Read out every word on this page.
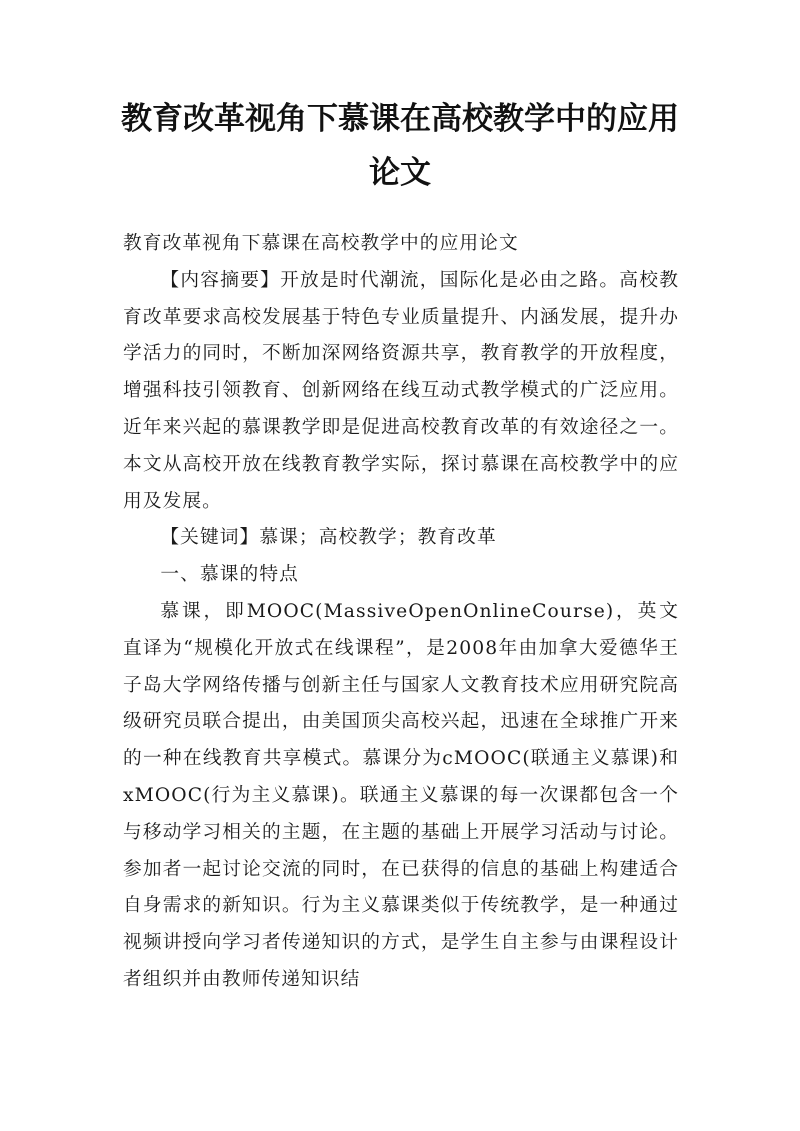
教育改革视角下慕课在高校教学中的应用论文

教育改革视角下慕课在高校教学中的应用论文

【内容摘要】开放是时代潮流，国际化是必由之路。高校教育改革要求高校发展基于特色专业质量提升、内涵发展，提升办学活力的同时，不断加深网络资源共享，教育教学的开放程度，增强科技引领教育、创新网络在线互动式教学模式的广泛应用。近年来兴起的慕课教学即是促进高校教育改革的有效途径之一。本文从高校开放在线教育教学实际，探讨慕课在高校教学中的应用及发展。

【关键词】慕课；高校教学；教育改革

一、慕课的特点

慕课，即MOOC(MassiveOpenOnlineCourse)，英文直译为“规模化开放式在线课程”，是2008年由加拿大爱德华王子岛大学网络传播与创新主任与国家人文教育技术应用研究院高级研究员联合提出，由美国顶尖高校兴起，迅速在全球推广开来的一种在线教育共享模式。慕课分为cMOOC(联通主义慕课)和xMOOC(行为主义慕课)。联通主义慕课的每一次课都包含一个与移动学习相关的主题，在主题的基础上开展学习活动与讨论。参加者一起讨论交流的同时，在已获得的信息的基础上构建适合自身需求的新知识。行为主义慕课类似于传统教学，是一种通过视频讲授向学习者传递知识的方式，是学生自主参与由课程设计者组织并由教师传递知识结
